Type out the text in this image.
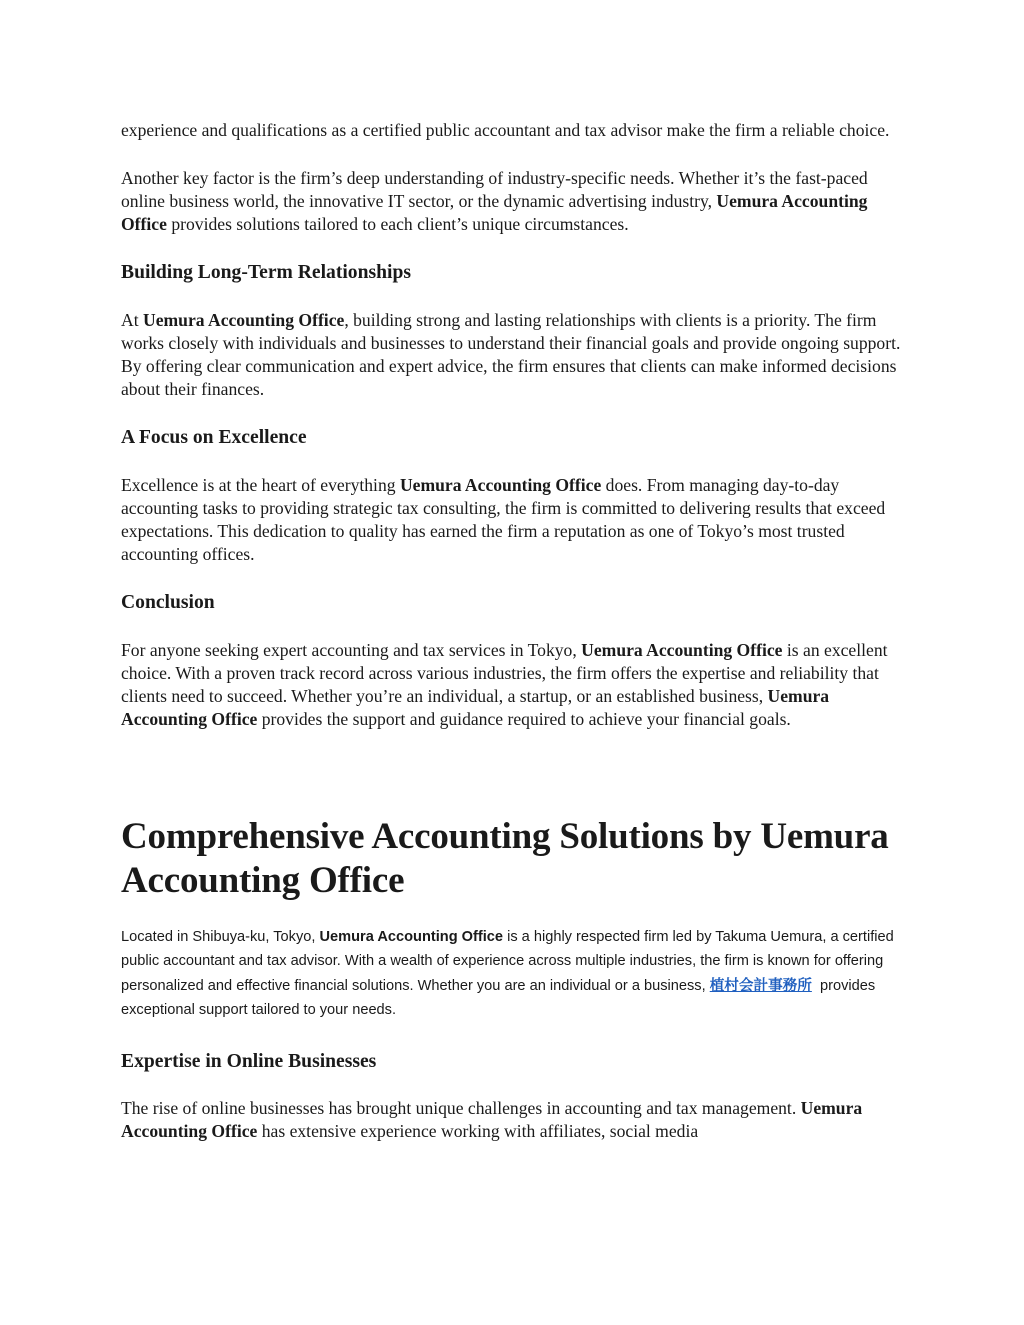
experience and qualifications as a certified public accountant and tax advisor make the firm a reliable choice.

Another key factor is the firm’s deep understanding of industry-specific needs. Whether it’s the fast-paced online business world, the innovative IT sector, or the dynamic advertising industry, Uemura Accounting Office provides solutions tailored to each client’s unique circumstances.

Building Long-Term Relationships

At Uemura Accounting Office, building strong and lasting relationships with clients is a priority. The firm works closely with individuals and businesses to understand their financial goals and provide ongoing support. By offering clear communication and expert advice, the firm ensures that clients can make informed decisions about their finances.

A Focus on Excellence

Excellence is at the heart of everything Uemura Accounting Office does. From managing day-to-day accounting tasks to providing strategic tax consulting, the firm is committed to delivering results that exceed expectations. This dedication to quality has earned the firm a reputation as one of Tokyo’s most trusted accounting offices.

Conclusion

For anyone seeking expert accounting and tax services in Tokyo, Uemura Accounting Office is an excellent choice. With a proven track record across various industries, the firm offers the expertise and reliability that clients need to succeed. Whether you’re an individual, a startup, or an established business, Uemura Accounting Office provides the support and guidance required to achieve your financial goals.

Comprehensive Accounting Solutions by Uemura Accounting Office

Located in Shibuya-ku, Tokyo, Uemura Accounting Office is a highly respected firm led by Takuma Uemura, a certified public accountant and tax advisor. With a wealth of experience across multiple industries, the firm is known for offering personalized and effective financial solutions. Whether you are an individual or a business, 植村会計事務所  provides exceptional support tailored to your needs.

Expertise in Online Businesses

The rise of online businesses has brought unique challenges in accounting and tax management. Uemura Accounting Office has extensive experience working with affiliates, social media
